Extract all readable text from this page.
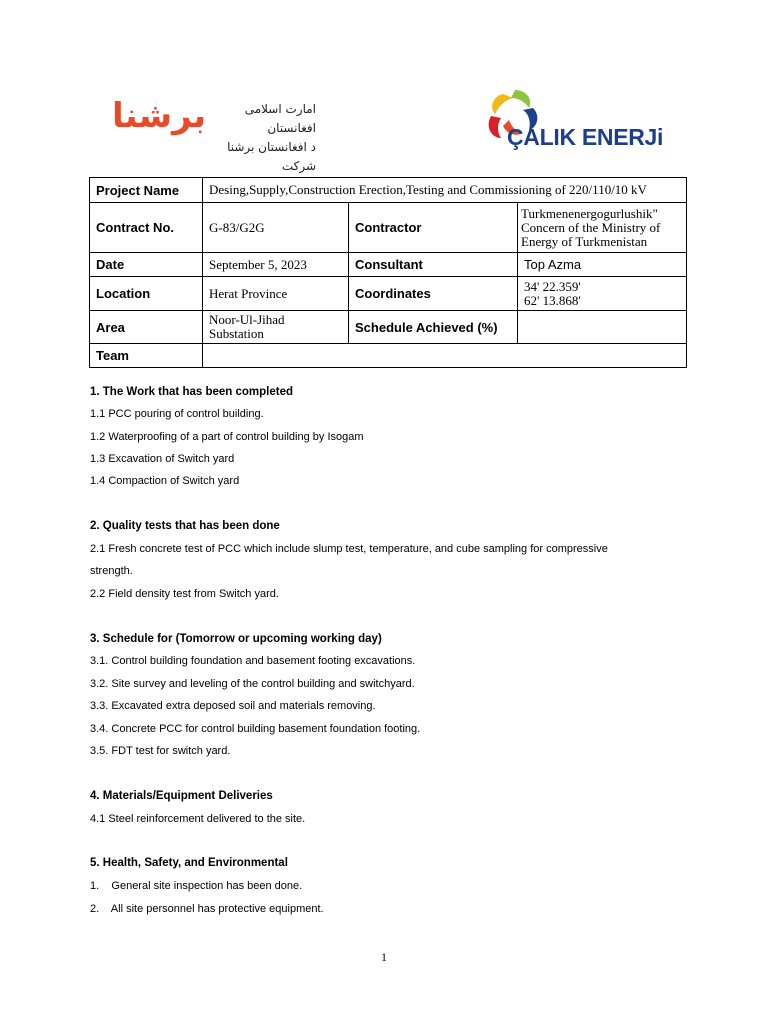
برشنا	امارت اسلامی افغانستان
د افغانستان برشنا شرکت
ÇALIK ENERJi
Project Name	Desing,Supply,Construction Erection,Testing and Commissioning of 220/110/10 kV		
Contract No.	G-83/G2G	Contractor	Turkmenenergogurlushik" Concern of the Ministry of Energy of Turkmenistan
Date	September 5, 2023	Consultant	Top Azma
Location	Herat Province	Coordinates	34' 22.359'
62' 13.868'

Area	Noor-Ul-Jihad Substation	Schedule Achieved (%)	
Team			
1. The Work that has been completed
1.1 PCC pouring of control building.
1.2 Waterproofing of a part of control building by Isogam
1.3 Excavation of Switch yard
1.4 Compaction of Switch yard
2. Quality tests that has been done
2.1 Fresh concrete test of PCC which include slump test, temperature, and cube sampling for compressive
strength.
2.2 Field density test from Switch yard.
3. Schedule for (Tomorrow or upcoming working day)
3.1. Control building foundation and basement footing excavations.
3.2. Site survey and leveling of the control building and switchyard.
3.3. Excavated extra deposed soil and materials removing.
3.4. Concrete PCC for control building basement foundation footing.
3.5. FDT test for switch yard.
4. Materials/Equipment Deliveries
4.1 Steel reinforcement delivered to the site.
5. Health, Safety, and Environmental
1.    General site inspection has been done.
2.    All site personnel has protective equipment.
1
